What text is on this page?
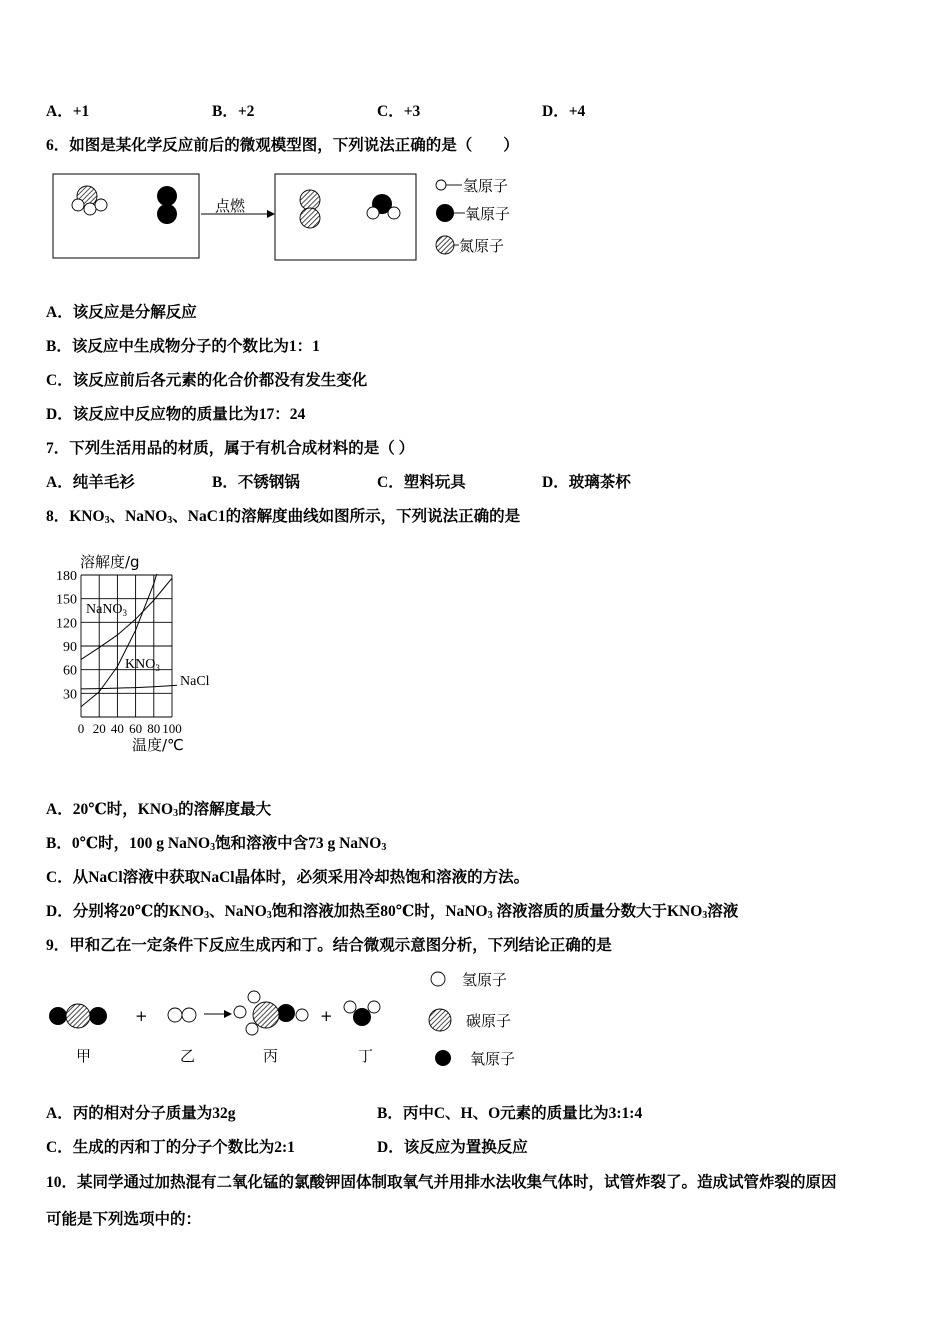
A．+1	B．+2	C．+3	D．+4
6．如图是某化学反应前后的微观模型图，下列说法正确的是（　　）
点燃
氢原子
氧原子
氮原子
A．该反应是分解反应
B．该反应中生成物分子的个数比为1：1
C．该反应前后各元素的化合价都没有发生变化
D．该反应中反应物的质量比为17：24
7．下列生活用品的材质，属于有机合成材料的是（ ）
A．纯羊毛衫	B．不锈钢锅	C．塑料玩具	D．玻璃茶杯
8．$KNO_3$、NaNO$_3$、NaC1的溶解度曲线如图所示，下列说法正确的是
180
150
120
90
60
30
0 20 40 60 80 100
溶解度/g
温度/℃
NaNO$_3$
$KNO_3$
NaCl
A．20℃时，$KNO_3$的溶解度最大
B．0℃时，100 g NaNO$_3$饱和溶液中含73 g NaNO$_3$
C．从NaCl溶液中获取NaCl晶体时，必须采用冷却热饱和溶液的方法。
D．分别将20℃的$KNO_3$、NaNO$_3$饱和溶液加热至80℃时，NaNO$_3$ 溶液溶质的质量分数大于$KNO_3$溶液
9．甲和乙在一定条件下反应生成丙和丁。结合微观示意图分析，下列结论正确的是
+	+
甲	乙	丙	丁
氢原子
碳原子
氧原子
A．丙的相对分子质量为32g	B．丙中C、H、O元素的质量比为3:1:4
C．生成的丙和丁的分子个数比为2:1	D．该反应为置换反应
10．某同学通过加热混有二氧化锰的氯酸钾固体制取氧气并用排水法收集气体时，试管炸裂了。造成试管炸裂的原因
可能是下列选项中的：
